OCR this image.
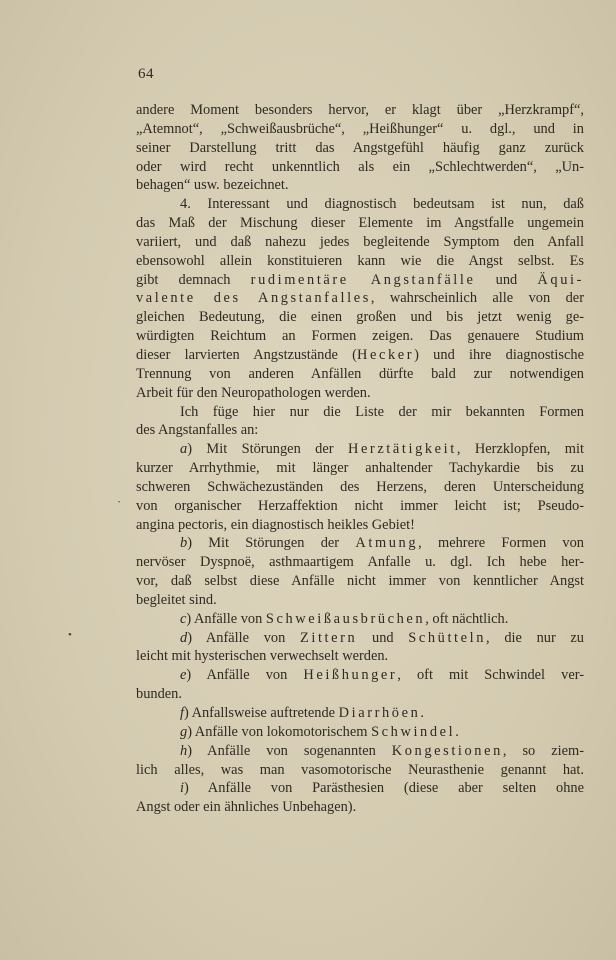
64
andere Moment besonders hervor, er klagt über „Herzkrampf“,
„Atemnot“, „Schweißausbrüche“, „Heißhunger“ u. dgl., und in
seiner Darstellung tritt das Angstgefühl häufig ganz zurück
oder wird recht unkenntlich als ein „Schlechtwerden“, „Un-
behagen“ usw. bezeichnet.
4. Interessant und diagnostisch bedeutsam ist nun, daß
das Maß der Mischung dieser Elemente im Angstfalle ungemein
variiert, und daß nahezu jedes begleitende Symptom den Anfall
ebensowohl allein konstituieren kann wie die Angst selbst. Es
gibt demnach rudimentäre Angstanfälle und Äqui-
valente des Angstanfalles, wahrscheinlich alle von der
gleichen Bedeutung, die einen großen und bis jetzt wenig ge-
würdigten Reichtum an Formen zeigen. Das genauere Studium
dieser larvierten Angstzustände (Hecker) und ihre diagnostische
Trennung von anderen Anfällen dürfte bald zur notwendigen
Arbeit für den Neuropathologen werden.
Ich füge hier nur die Liste der mir bekannten Formen
des Angstanfalles an:
a) Mit Störungen der Herztätigkeit, Herzklopfen, mit
kurzer Arrhythmie, mit länger anhaltender Tachykardie bis zu
schweren Schwächezuständen des Herzens, deren Unterscheidung
von organischer Herzaffektion nicht immer leicht ist; Pseudo-
angina pectoris, ein diagnostisch heikles Gebiet!
b) Mit Störungen der Atmung, mehrere Formen von
nervöser Dyspnoë, asthmaartigem Anfalle u. dgl. Ich hebe her-
vor, daß selbst diese Anfälle nicht immer von kenntlicher Angst
begleitet sind.
c) Anfälle von Schweißausbrüchen, oft nächtlich.
d) Anfälle von Zittern und Schütteln, die nur zu
leicht mit hysterischen verwechselt werden.
e) Anfälle von Heißhunger, oft mit Schwindel ver-
bunden.
f) Anfallsweise auftretende Diarrhöen.
g) Anfälle von lokomotorischem Schwindel.
h) Anfälle von sogenannten Kongestionen, so ziem-
lich alles, was man vasomotorische Neurasthenie genannt hat.
i) Anfälle von Parästhesien (diese aber selten ohne
Angst oder ein ähnliches Unbehagen).
•
•
